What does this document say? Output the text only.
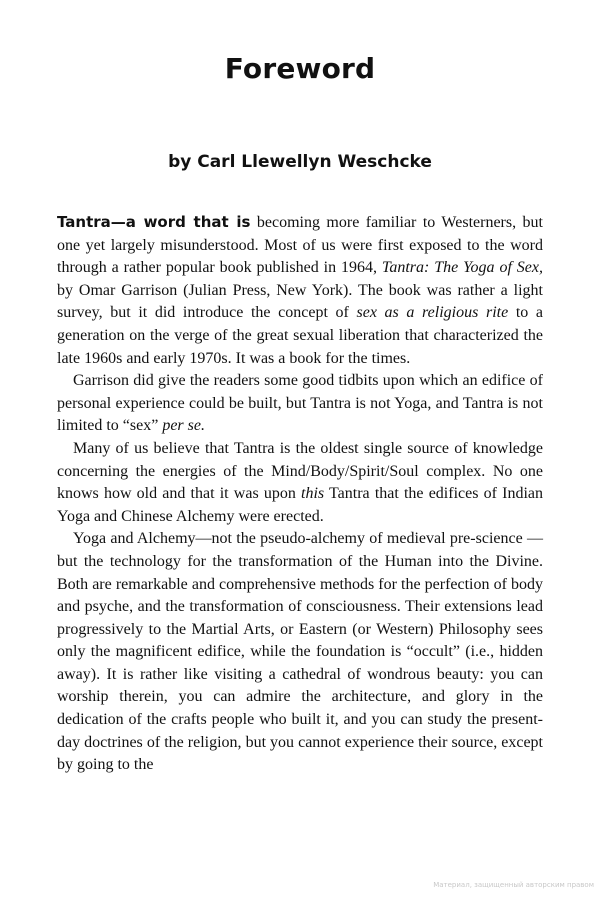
Foreword
by Carl Llewellyn Weschcke

Tantra—a word that is becoming more familiar to Westerners, but one yet largely misunderstood. Most of us were first exposed to the word through a rather popular book published in 1964, Tantra: The Yoga of Sex, by Omar Garrison (Julian Press, New York). The book was rather a light survey, but it did introduce the concept of sex as a religious rite to a generation on the verge of the great sexual liberation that characterized the late 1960s and early 1970s. It was a book for the times.

Garrison did give the readers some good tidbits upon which an edifice of personal experience could be built, but Tantra is not Yoga, and Tantra is not limited to “sex” per se.

Many of us believe that Tantra is the oldest single source of knowledge concerning the energies of the Mind/Body/Spirit/Soul complex. No one knows how old and that it was upon this Tantra that the edifices of Indian Yoga and Chinese Alchemy were erected.

Yoga and Alchemy—not the pseudo-alchemy of medieval pre-science —but the technology for the transformation of the Human into the Divine. Both are remarkable and comprehensive methods for the perfection of body and psyche, and the transformation of consciousness. Their extensions lead progressively to the Martial Arts, or Eastern (or Western) Philosophy sees only the magnificent edifice, while the foundation is “occult” (i.e., hidden away). It is rather like visiting a cathedral of wondrous beauty: you can worship therein, you can admire the architecture, and glory in the dedication of the crafts people who built it, and you can study the present-day doctrines of the religion, but you cannot experience their source, except by going to the

Материал, защищенный авторским правом
